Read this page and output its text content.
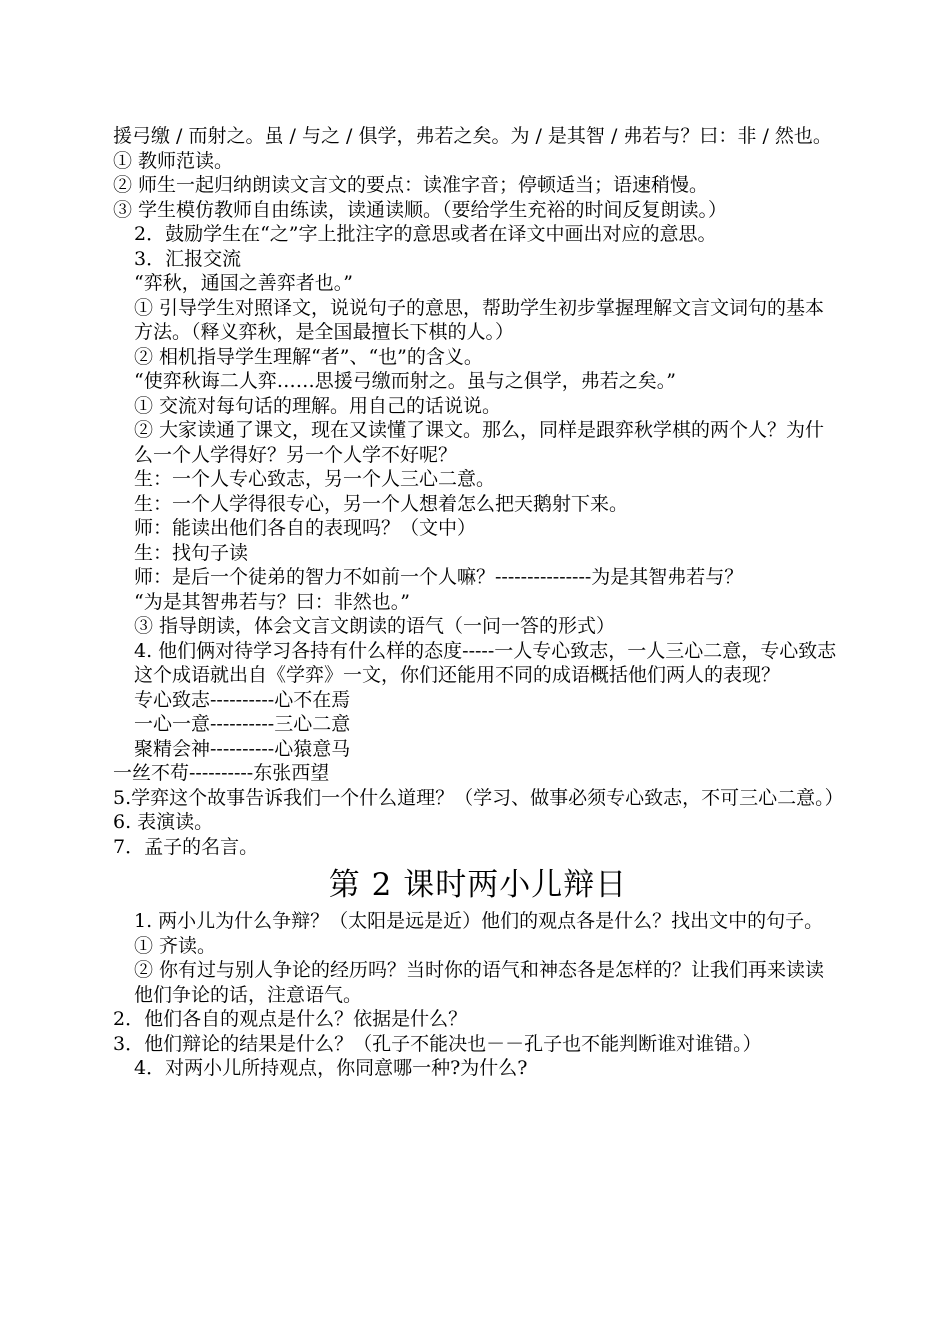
援弓缴 / 而射之。虽 / 与之 / 俱学，弗若之矣。为 / 是其智 / 弗若与？曰：非 / 然也。
① 教师范读。
② 师生一起归纳朗读文言文的要点：读准字音；停顿适当；语速稍慢。
③ 学生模仿教师自由练读，读通读顺。（要给学生充裕的时间反复朗读。）
2．鼓励学生在“之”字上批注字的意思或者在译文中画出对应的意思。
3．汇报交流
“弈秋，通国之善弈者也。”
① 引导学生对照译文，说说句子的意思，帮助学生初步掌握理解文言文词句的基本方法。（释义弈秋，是全国最擅长下棋的人。）
② 相机指导学生理解“者”、“也”的含义。
“使弈秋诲二人弈……思援弓缴而射之。虽与之俱学，弗若之矣。”
① 交流对每句话的理解。用自己的话说说。
② 大家读通了课文，现在又读懂了课文。那么，同样是跟弈秋学棋的两个人？为什么一个人学得好？另一个人学不好呢？
生：一个人专心致志，另一个人三心二意。
生：一个人学得很专心，另一个人想着怎么把天鹅射下来。
师：能读出他们各自的表现吗？（文中）
生：找句子读
师：是后一个徒弟的智力不如前一个人嘛？---------------为是其智弗若与？
“为是其智弗若与？曰：非然也。”
③ 指导朗读，体会文言文朗读的语气（一问一答的形式）
4. 他们俩对待学习各持有什么样的态度-----一人专心致志，一人三心二意，专心致志这个成语就出自《学弈》一文，你们还能用不同的成语概括他们两人的表现？
专心致志----------心不在焉
一心一意----------三心二意
聚精会神----------心猿意马
一丝不苟----------东张西望
5.学弈这个故事告诉我们一个什么道理？（学习、做事必须专心致志，不可三心二意。）
6. 表演读。
7．孟子的名言。
第 2 课时两小儿辩日
1. 两小儿为什么争辩？（太阳是远是近）他们的观点各是什么？找出文中的句子。
① 齐读。
② 你有过与别人争论的经历吗？当时你的语气和神态各是怎样的？让我们再来读读他们争论的话，注意语气。
2．他们各自的观点是什么？依据是什么？
3．他们辩论的结果是什么？（孔子不能决也－－孔子也不能判断谁对谁错。）
4．对两小儿所持观点，你同意哪一种?为什么?
